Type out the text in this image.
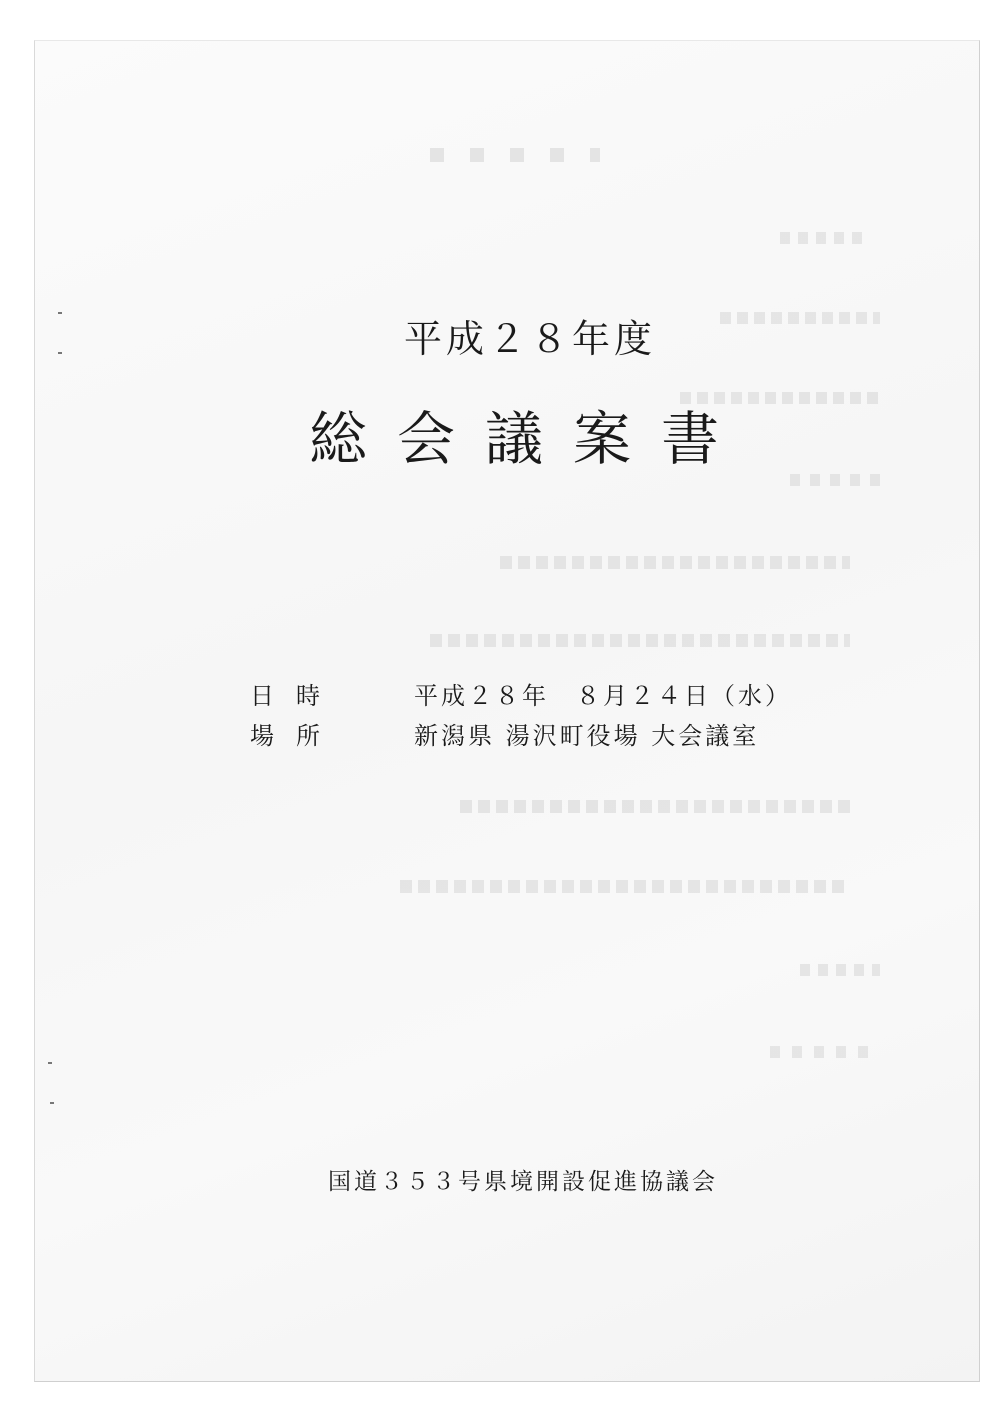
平成２８年度
総会議案書
日時	平成２８年　８月２４日（水）
場所	新潟県 湯沢町役場 大会議室
国道３５３号県境開設促進協議会
